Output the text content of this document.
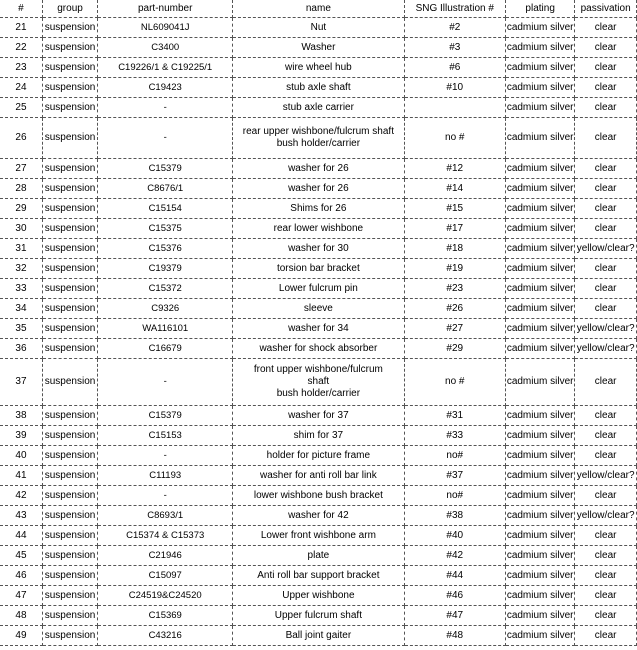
#	group	part-number	name	SNG Illustration #	plating	passivation
21	suspension	NL609041J	Nut	#2	cadmium silver	clear
22	suspension	C3400	Washer	#3	cadmium silver	clear
23	suspension	C19226/1 & C19225/1	wire wheel hub	#6	cadmium silver	clear
24	suspension	C19423	stub axle shaft	#10	cadmium silver	clear
25	suspension	-	stub axle carrier		cadmium silver	clear
26	suspension	-	rear upper wishbone/fulcrum shaft
bush holder/carrier	no #	cadmium silver	clear
27	suspension	C15379	washer for 26	#12	cadmium silver	clear
28	suspension	C8676/1	washer for 26	#14	cadmium silver	clear
29	suspension	C15154	Shims for 26	#15	cadmium silver	clear
30	suspension	C15375	rear lower wishbone	#17	cadmium silver	clear
31	suspension	C15376	washer for 30	#18	cadmium silver	yellow/clear?
32	suspension	C19379	torsion bar bracket	#19	cadmium silver	clear
33	suspension	C15372	Lower fulcrum pin	#23	cadmium silver	clear
34	suspension	C9326	sleeve	#26	cadmium silver	clear
35	suspension	WA116101	washer for 34	#27	cadmium silver	yellow/clear?
36	suspension	C16679	washer for shock absorber	#29	cadmium silver	yellow/clear?
37	suspension	-	front upper wishbone/fulcrum
shaft
bush holder/carrier	no #	cadmium silver	clear
38	suspension	C15379	washer for 37	#31	cadmium silver	clear
39	suspension	C15153	shim for 37	#33	cadmium silver	clear
40	suspension	-	holder for picture frame	no#	cadmium silver	clear
41	suspension	C11193	washer for anti roll bar link	#37	cadmium silver	yellow/clear?
42	suspension	-	lower wishbone bush bracket	no#	cadmium silver	clear
43	suspension	C8693/1	washer for 42	#38	cadmium silver	yellow/clear?
44	suspension	C15374 & C15373	Lower front wishbone arm	#40	cadmium silver	clear
45	suspension	C21946	plate	#42	cadmium silver	clear
46	suspension	C15097	Anti roll bar support bracket	#44	cadmium silver	clear
47	suspension	C24519&C24520	Upper wishbone	#46	cadmium silver	clear
48	suspension	C15369	Upper fulcrum shaft	#47	cadmium silver	clear
49	suspension	C43216	Ball joint gaiter	#48	cadmium silver	clear
